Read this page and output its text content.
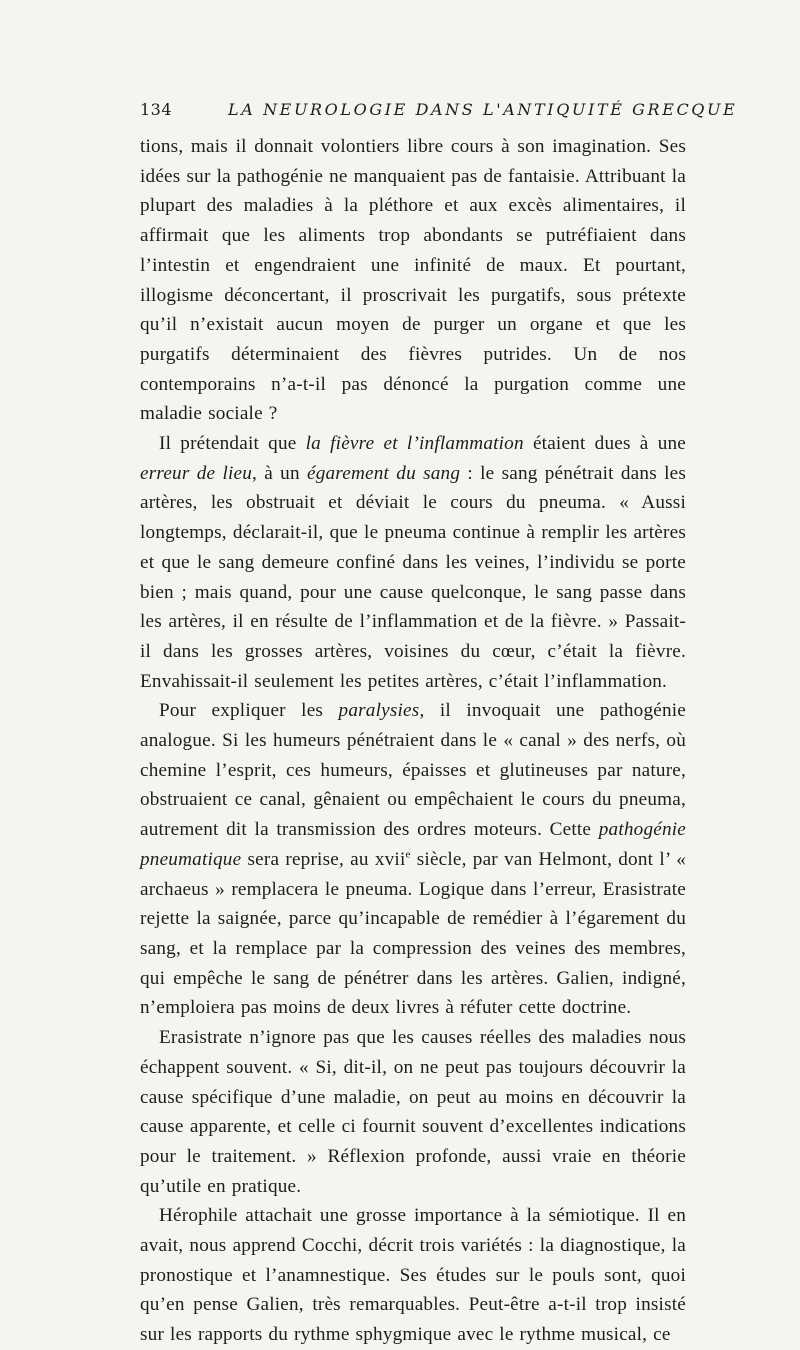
134	LA NEUROLOGIE DANS L'ANTIQUITÉ GRECQUE

tions, mais il donnait volontiers libre cours à son imagination. Ses idées sur la pathogénie ne manquaient pas de fantaisie. Attribuant la plupart des maladies à la pléthore et aux excès alimentaires, il affirmait que les aliments trop abondants se putréfiaient dans l’intestin et engendraient une infinité de maux. Et pourtant, illogisme déconcertant, il proscrivait les purgatifs, sous prétexte qu’il n’existait aucun moyen de purger un organe et que les purgatifs déterminaient des fièvres putrides. Un de nos contemporains n’a-t-il pas dénoncé la purgation comme une maladie sociale ?

Il prétendait que la fièvre et l’inflammation étaient dues à une erreur de lieu, à un égarement du sang : le sang pénétrait dans les artères, les obstruait et déviait le cours du pneuma. « Aussi longtemps, déclarait-il, que le pneuma continue à remplir les artères et que le sang demeure confiné dans les veines, l’individu se porte bien ; mais quand, pour une cause quelconque, le sang passe dans les artères, il en résulte de l’inflammation et de la fièvre. » Passait-il dans les grosses artères, voisines du cœur, c’était la fièvre. Envahissait-il seulement les petites artères, c’était l’inflammation.

Pour expliquer les paralysies, il invoquait une pathogénie analogue. Si les humeurs pénétraient dans le « canal » des nerfs, où chemine l’esprit, ces humeurs, épaisses et glutineuses par nature, obstruaient ce canal, gênaient ou empêchaient le cours du pneuma, autrement dit la transmission des ordres moteurs. Cette pathogénie pneumatique sera reprise, au xvii$^e$ siècle, par van Helmont, dont l’ « archaeus » remplacera le pneuma. Logique dans l’erreur, Erasistrate rejette la saignée, parce qu’incapable de remédier à l’égarement du sang, et la remplace par la compression des veines des membres, qui empêche le sang de pénétrer dans les artères. Galien, indigné, n’emploiera pas moins de deux livres à réfuter cette doctrine.

Erasistrate n’ignore pas que les causes réelles des maladies nous échappent souvent. « Si, dit-il, on ne peut pas toujours découvrir la cause spécifique d’une maladie, on peut au moins en découvrir la cause apparente, et celle ci fournit souvent d’excellentes indications pour le traitement. » Réflexion profonde, aussi vraie en théorie qu’utile en pratique.

Hérophile attachait une grosse importance à la sémiotique. Il en avait, nous apprend Cocchi, décrit trois variétés : la diagnostique, la pronostique et l’anamnestique. Ses études sur le pouls sont, quoi qu’en pense Galien, très remarquables. Peut-être a-t-il trop insisté sur les rapports du rythme sphygmique avec le rythme musical, ce
